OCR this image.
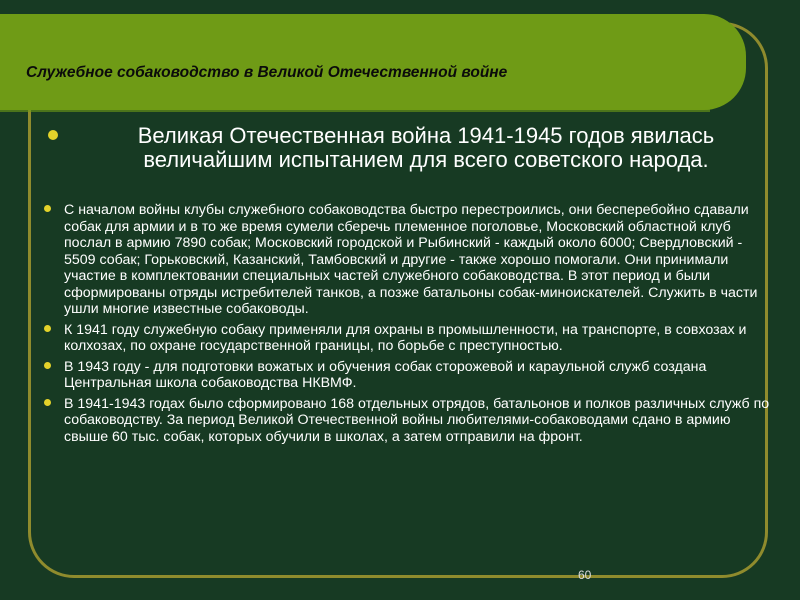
Служебное собаководство в Великой Отечественной войне
Великая Отечественная война 1941-1945 годов явилась величайшим испытанием для всего советского народа.
С началом войны клубы служебного собаководства быстро перестроились, они бесперебойно сдавали собак для армии и в то же время сумели сберечь племенное поголовье, Московский областной клуб послал в армию 7890 собак; Московский городской и Рыбинский - каждый около 6000; Свердловский - 5509 собак; Горьковский, Казанский, Тамбовский и другие - также хорошо помогали. Они принимали участие в комплектовании специальных частей служебного собаководства. В этот период и были сформированы отряды истребителей танков, а позже батальоны собак-миноискателей. Служить в части ушли многие известные собаководы.
К 1941 году служебную собаку применяли для охраны в промышленности, на транспорте, в совхозах и колхозах, по охране государственной границы, по борьбе с преступностью.
В 1943 году - для подготовки вожатых и обучения собак сторожевой и караульной служб создана Центральная школа собаководства НКВМФ.
В 1941-1943 годах было сформировано 168 отдельных отрядов, батальонов и полков различных служб по собаководству. За период Великой Отечественной войны любителями-собаководами сдано в армию свыше 60 тыс. собак, которых обучили в школах, а затем отправили на фронт.
60
